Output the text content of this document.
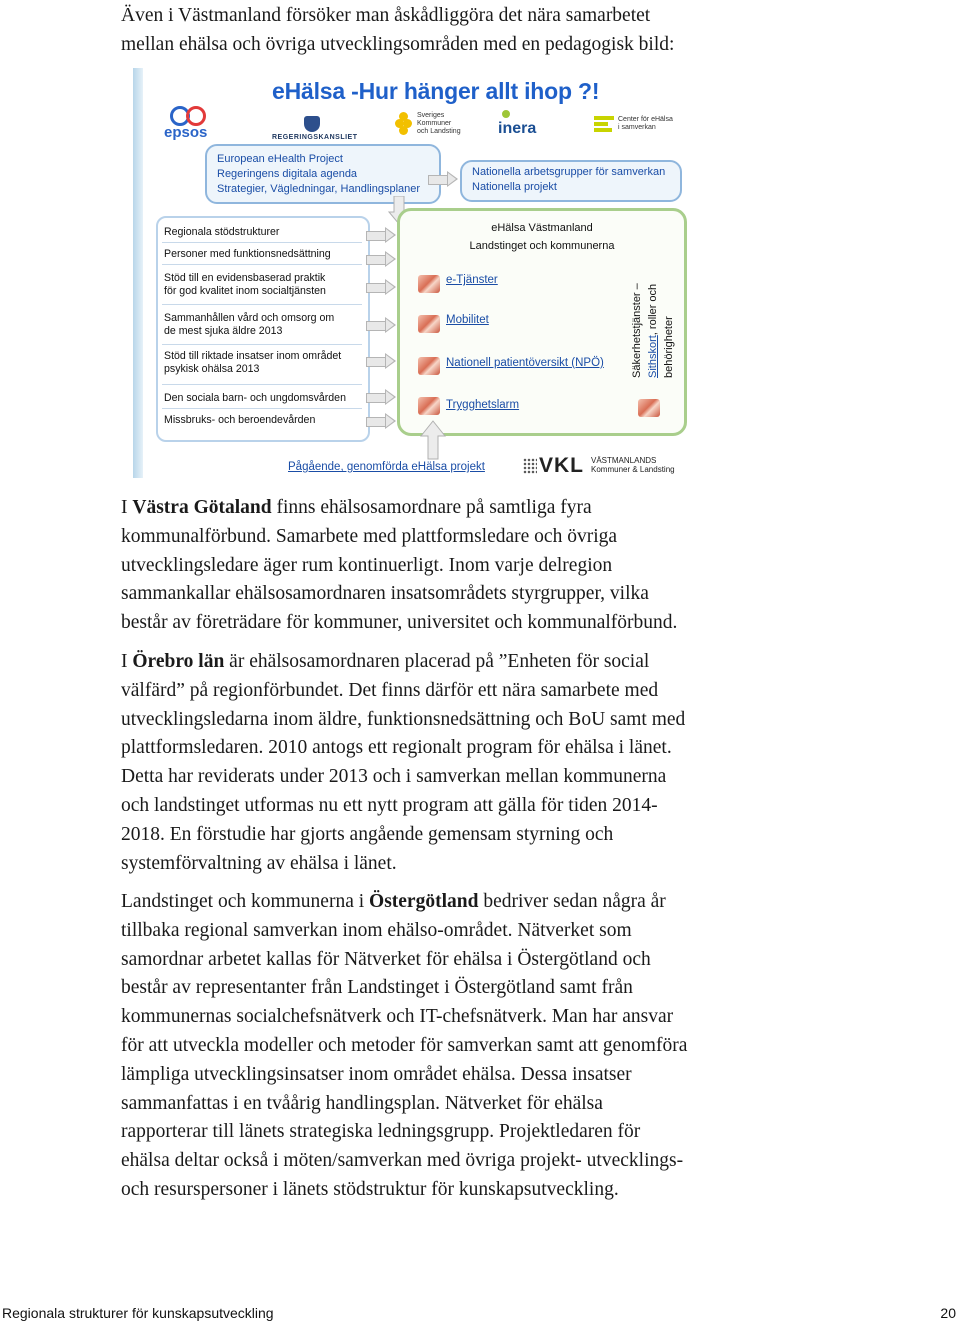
Även i Västmanland försöker man åskådliggöra det nära samarbetet
mellan ehälsa och övriga utvecklingsområden med en pedagogisk bild:

eHälsa -Hur hänger allt ihop ?!
epsos	REGERINGSKANSLIET
Sveriges
Kommuner
och Landsting inera
Center för eHälsa
i samverkan
European eHealth Project
Regeringens digitala agenda
Strategier, Vägledningar, Handlingsplaner
Nationella arbetsgrupper för samverkan
Nationella projekt
Regionala stödstrukturer
Personer med funktionsnedsättning
Stöd till en evidensbaserad praktik
för god kvalitet inom socialtjänsten
Sammanhållen vård och omsorg om
de mest sjuka äldre 2013
Stöd till riktade insatser inom området
psykisk ohälsa 2013
Den sociala barn- och ungdomsvården
Missbruks- och beroendevården
eHälsa Västmanland
Landstinget och kommunerna
e-Tjänster
Mobilitet
Nationell patientöversikt (NPÖ)
Trygghetslarm
Säkerhetstjänster – Sithskort, roller och
behörigheter
Pågående, genomförda eHälsa projekt	VKL VÄSTMANLANDS
Kommuner & Landsting

I Västra Götaland finns ehälsosamordnare på samtliga fyra
kommunalförbund. Samarbete med plattformsledare och övriga
utvecklingsledare äger rum kontinuerligt. Inom varje delregion
sammankallar ehälsosamordnaren insatsområdets styrgrupper, vilka
består av företrädare för kommuner, universitet och kommunalförbund.

I Örebro län är ehälsosamordnaren placerad på ”Enheten för social
välfärd” på regionförbundet. Det finns därför ett nära samarbete med
utvecklingsledarna inom äldre, funktionsnedsättning och BoU samt med
plattformsledaren. 2010 antogs ett regionalt program för ehälsa i länet.
Detta har reviderats under 2013 och i samverkan mellan kommunerna
och landstinget utformas nu ett nytt program att gälla för tiden 2014-
2018. En förstudie har gjorts angående gemensam styrning och
systemförvaltning av ehälsa i länet.

Landstinget och kommunerna i Östergötland bedriver sedan några år
tillbaka regional samverkan inom ehälso-området. Nätverket som
samordnar arbetet kallas för Nätverket för ehälsa i Östergötland och
består av representanter från Landstinget i Östergötland samt från
kommunernas socialchefsnätverk och IT-chefsnätverk. Man har ansvar
för att utveckla modeller och metoder för samverkan samt att genomföra
lämpliga utvecklingsinsatser inom området ehälsa. Dessa insatser
sammanfattas i en tvåårig handlingsplan. Nätverket för ehälsa
rapporterar till länets strategiska ledningsgrupp. Projektledaren för
ehälsa deltar också i möten/samverkan med övriga projekt- utvecklings-
och resurspersoner i länets stödstruktur för kunskapsutveckling.

Regionala strukturer för kunskapsutveckling	20
